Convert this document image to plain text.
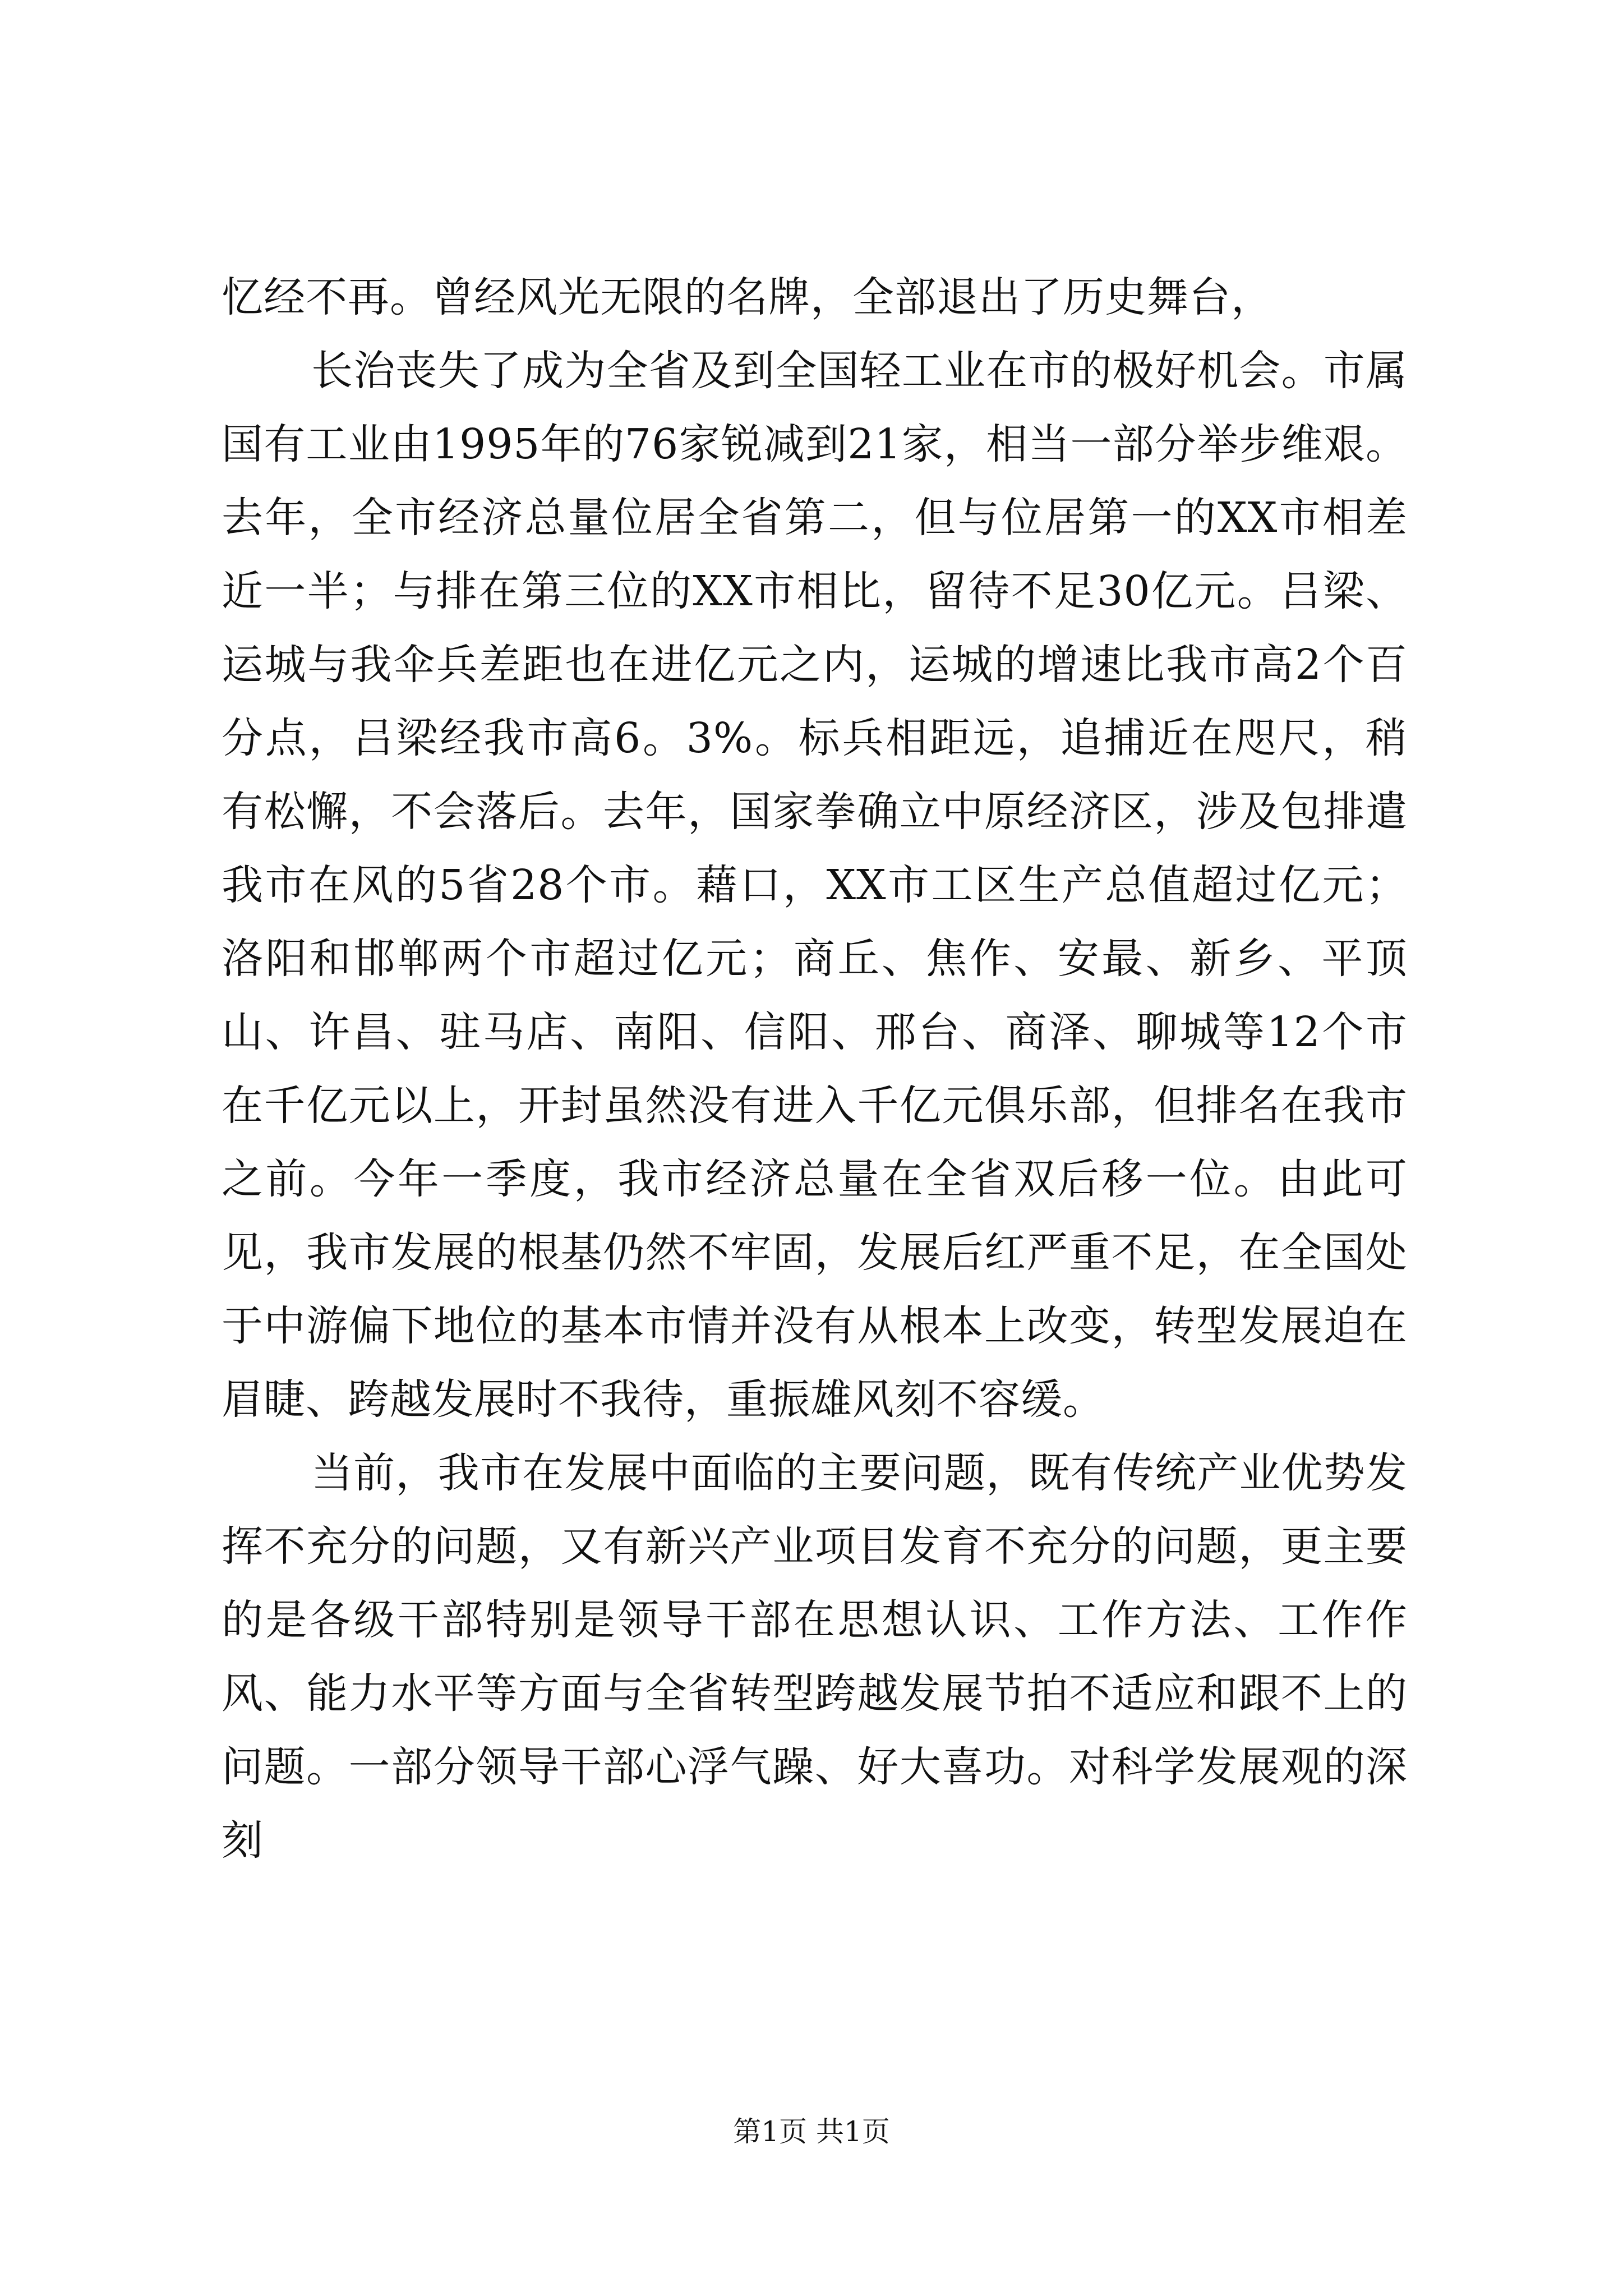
忆经不再。曾经风光无限的名牌，全部退出了历史舞台，

长治丧失了成为全省及到全国轻工业在市的极好机会。市属国有工业由1995年的76家锐减到21家，相当一部分举步维艰。去年，全市经济总量位居全省第二，但与位居第一的XX市相差近一半；与排在第三位的XX市相比，留待不足30亿元。吕梁、运城与我伞兵差距也在进亿元之内，运城的增速比我市高2个百分点，吕梁经我市高6。3%。标兵相距远，追捕近在咫尺，稍有松懈，不会落后。去年，国家拳确立中原经济区，涉及包排遣我市在风的5省28个市。藉口，XX市工区生产总值超过亿元；洛阳和邯郸两个市超过亿元；商丘、焦作、安最、新乡、平顶山、许昌、驻马店、南阳、信阳、邢台、商泽、聊城等12个市在千亿元以上，开封虽然没有进入千亿元俱乐部，但排名在我市之前。今年一季度，我市经济总量在全省双后移一位。由此可见，我市发展的根基仍然不牢固，发展后红严重不足，在全国处于中游偏下地位的基本市情并没有从根本上改变，转型发展迫在眉睫、跨越发展时不我待，重振雄风刻不容缓。

当前，我市在发展中面临的主要问题，既有传统产业优势发挥不充分的问题，又有新兴产业项目发育不充分的问题，更主要的是各级干部特别是领导干部在思想认识、工作方法、工作作风、能力水平等方面与全省转型跨越发展节拍不适应和跟不上的问题。一部分领导干部心浮气躁、好大喜功。对科学发展观的深刻

第1页 共1页
